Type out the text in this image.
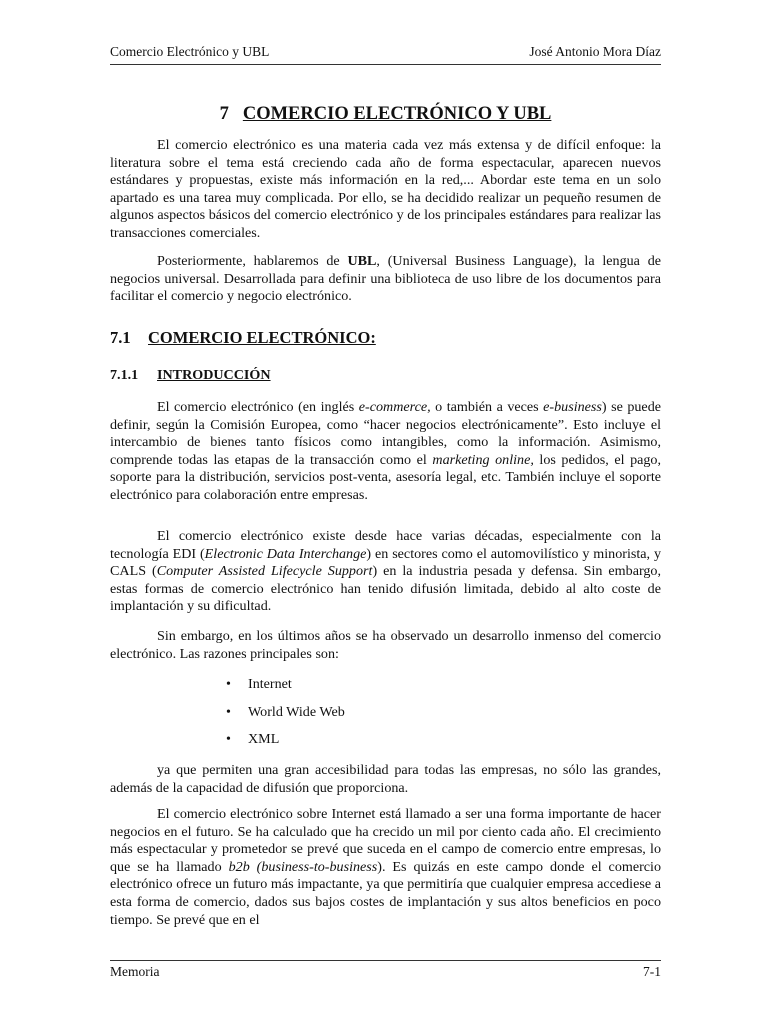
Comercio Electrónico y UBL	José Antonio Mora Díaz
7 COMERCIO ELECTRÓNICO Y UBL

El comercio electrónico es una materia cada vez más extensa y de difícil enfoque: la literatura sobre el tema está creciendo cada año de forma espectacular, aparecen nuevos estándares y propuestas, existe más información en la red,... Abordar este tema en un solo apartado es una tarea muy complicada. Por ello, se ha decidido realizar un pequeño resumen de algunos aspectos básicos del comercio electrónico y de los principales estándares para realizar las transacciones comerciales.

Posteriormente, hablaremos de UBL, (Universal Business Language), la lengua de negocios universal. Desarrollada para definir una biblioteca de uso libre de los documentos para facilitar el comercio y negocio electrónico.

7.1 COMERCIO ELECTRÓNICO:
7.1.1 INTRODUCCIÓN

El comercio electrónico (en inglés e-commerce, o también a veces e-business) se puede definir, según la Comisión Europea, como “hacer negocios electrónicamente”. Esto incluye el intercambio de bienes tanto físicos como intangibles, como la información. Asimismo, comprende todas las etapas de la transacción como el marketing online, los pedidos, el pago, soporte para la distribución, servicios post-venta, asesoría legal, etc. También incluye el soporte electrónico para colaboración entre empresas.

El comercio electrónico existe desde hace varias décadas, especialmente con la tecnología EDI (Electronic Data Interchange) en sectores como el automovilístico y minorista, y CALS (Computer Assisted Lifecycle Support) en la industria pesada y defensa. Sin embargo, estas formas de comercio electrónico han tenido difusión limitada, debido al alto coste de implantación y su dificultad.

Sin embargo, en los últimos años se ha observado un desarrollo inmenso del comercio electrónico. Las razones principales son:

• Internet
• World Wide Web
• XML

ya que permiten una gran accesibilidad para todas las empresas, no sólo las grandes, además de la capacidad de difusión que proporciona.

El comercio electrónico sobre Internet está llamado a ser una forma importante de hacer negocios en el futuro. Se ha calculado que ha crecido un mil por ciento cada año. El crecimiento más espectacular y prometedor se prevé que suceda en el campo de comercio entre empresas, lo que se ha llamado b2b (business-to-business). Es quizás en este campo donde el comercio electrónico ofrece un futuro más impactante, ya que permitiría que cualquier empresa accediese a esta forma de comercio, dados sus bajos costes de implantación y sus altos beneficios en poco tiempo. Se prevé que en el

Memoria	7-1
